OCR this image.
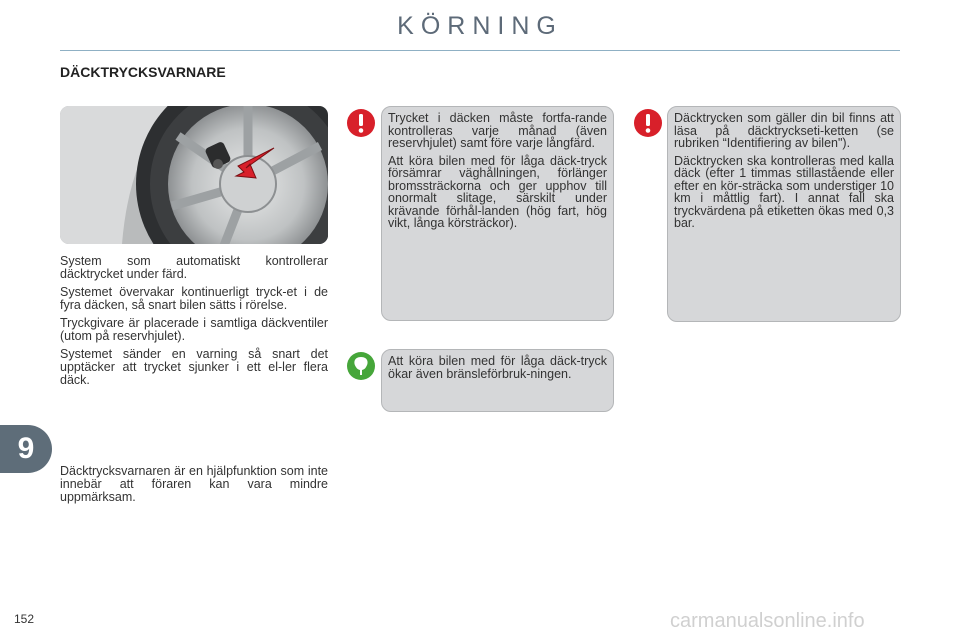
KÖRNING
DÄCKTRYCKSVARNARE

System som automatiskt kontrollerar däcktrycket under färd.

Systemet övervakar kontinuerligt tryck-et i de fyra däcken, så snart bilen sätts i rörelse.

Tryckgivare är placerade i samtliga däckventiler (utom på reservhjulet).

Systemet sänder en varning så snart det upptäcker att trycket sjunker i ett el-ler flera däck.

Däcktrycksvarnaren är en hjälpfunktion som inte innebär att föraren kan vara mindre uppmärksam.

Trycket i däcken måste fortfa-rande kontrolleras varje månad (även reservhjulet) samt före varje långfärd.

Att köra bilen med för låga däck-tryck försämrar väghållningen, förlänger bromssträckorna och ger upphov till onormalt slitage, särskilt under krävande förhål-landen (hög fart, hög vikt, långa körsträckor).

Att köra bilen med för låga däck-tryck ökar även bränsleförbruk-ningen.

Däcktrycken som gäller din bil finns att läsa på däcktryckseti-ketten (se rubriken “Identifiering av bilen").

Däcktrycken ska kontrolleras med kalla däck (efter 1 timmas stillastående eller efter en kör-sträcka som understiger 10 km i måttlig fart). I annat fall ska tryckvärdena på etiketten ökas med 0,3 bar.

9
152	carmanualsonline.info
